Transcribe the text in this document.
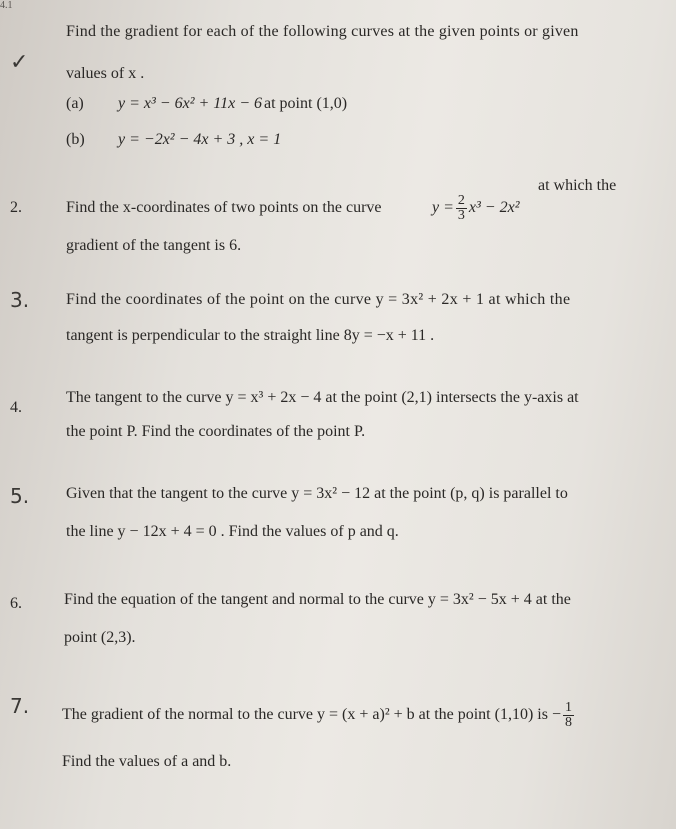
4.1
✓
Find the gradient for each of the following curves at the given points or given
values of x .
(a) y = x³ − 6x² + 11x − 6 at point (1,0)
(b) y = −2x² − 4x + 3 , x = 1
2.	Find the x-coordinates of two points on the curve	$y = \frac{2}{3} x^3 - 2x^2$
at which the
gradient of the tangent is 6.
3. Find the coordinates of the point on the curve y = 3x² + 2x + 1 at which the
tangent is perpendicular to the straight line 8y = −x + 11 .
4.
The tangent to the curve y = x³ + 2x − 4 at the point (2,1) intersects the y-axis at
the point P. Find the coordinates of the point P.
5. Given that the tangent to the curve y = 3x² − 12 at the point (p, q) is parallel to
the line y − 12x + 4 = 0 . Find the values of p and q.
6.	Find the equation of the tangent and normal to the curve y = 3x² − 5x + 4 at the
point (2,3).
7. The gradient of the normal to the curve y = (x + a)² + b at the point (1,10) is − $\frac{1}{8}$
Find the values of a and b.
